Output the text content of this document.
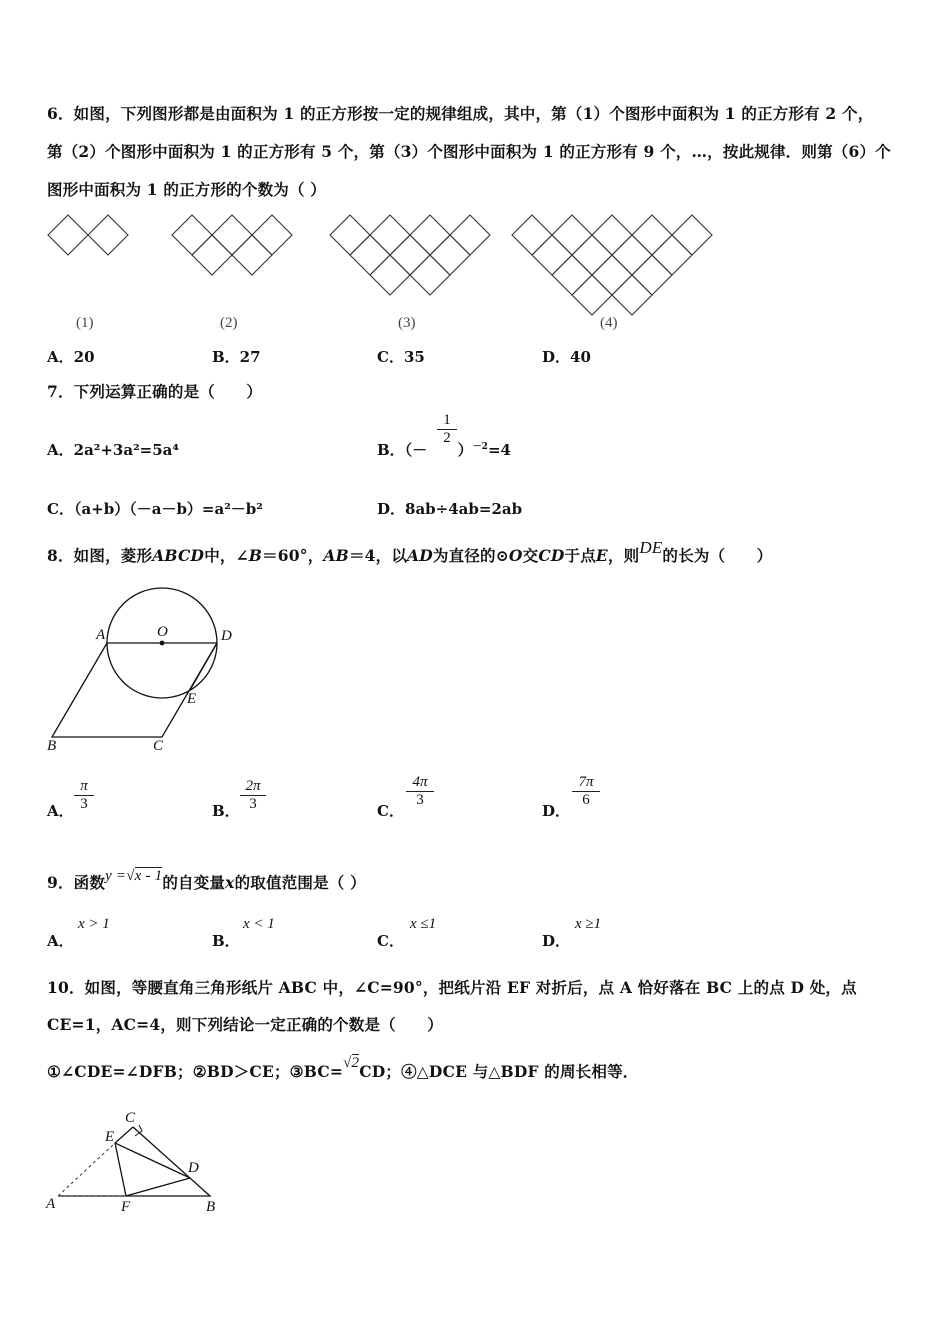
6．如图，下列图形都是由面积为 1 的正方形按一定的规律组成，其中，第（1）个图形中面积为 1 的正方形有 2 个，
第（2）个图形中面积为 1 的正方形有 5 个，第（3）个图形中面积为 1 的正方形有 9 个，…，按此规律．则第（6）个
图形中面积为 1 的正方形的个数为（ ）
(1)	(2)	(3)	(4)
A．20	B．27	C．35	D．40
7．下列运算正确的是（　　）
A．2a²+3a²=5a⁴	B．（－ ）$^{-2}$=4
1
2
C．（a+b）（－a－b）=a²－b²	D．8ab÷4ab=2ab
8．如图，菱形ABCD中，∠B＝60°，AB＝4，以AD为直径的⊙O交CD于点E，则DE的长为（　　）
A	O	D
E
B	C
A．
π
3	B．
2π
3	C．
4π
3
D．
7π
6
9．函数y =√x - 1的自变量x的取值范围是（ ）
A．
x > 1
B．
x < 1
C．
x ≤1
D．
x ≥1
10．如图，等腰直角三角形纸片 ABC 中，∠C=90°，把纸片沿 EF 对折后，点 A 恰好落在 BC 上的点 D 处，点
CE=1，AC=4，则下列结论一定正确的个数是（　　）
①∠CDE=∠DFB；②BD＞CE；③BC=√2CD；④△DCE 与△BDF 的周长相等．
C
E
D
A	F	B
